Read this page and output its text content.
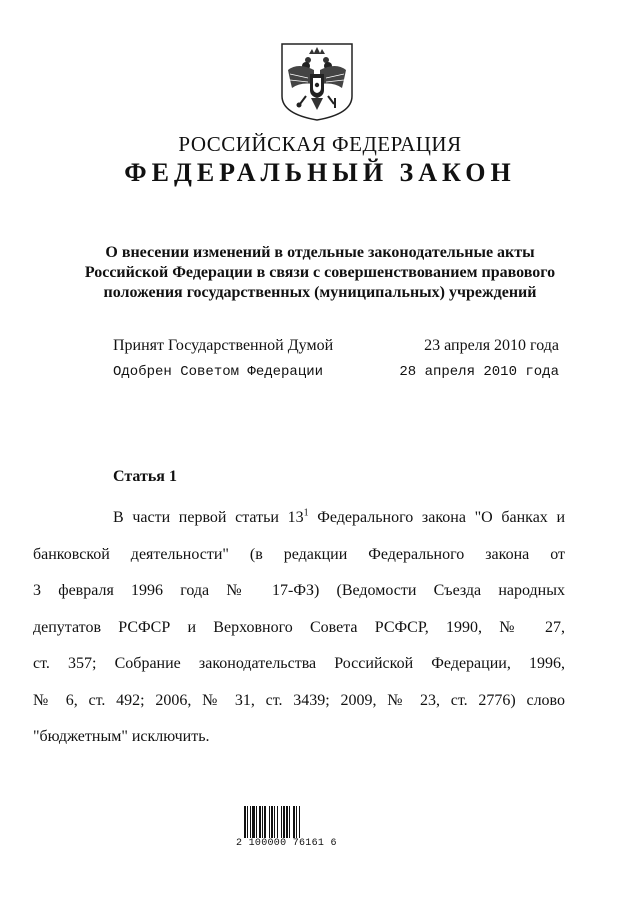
РОССИЙСКАЯ ФЕДЕРАЦИЯ
ФЕДЕРАЛЬНЫЙ ЗАКОН
О внесении изменений в отдельные законодательные акты
Российской Федерации в связи с совершенствованием правового
положения государственных (муниципальных) учреждений
Принят Государственной Думой	23 апреля 2010 года
Одобрен Советом Федерации	28 апреля 2010 года
Статья 1
В части первой статьи $13^1$ Федерального закона "О банках и
банковской деятельности" (в редакции Федерального закона от
3 февраля 1996 года № 17-ФЗ) (Ведомости Съезда народных
депутатов РСФСР и Верховного Совета РСФСР, 1990, № 27,
ст. 357; Собрание законодательства Российской Федерации, 1996,
№ 6, ст. 492; 2006, № 31, ст. 3439; 2009, № 23, ст. 2776) слово
"бюджетным" исключить.
2 100000 76161 6
